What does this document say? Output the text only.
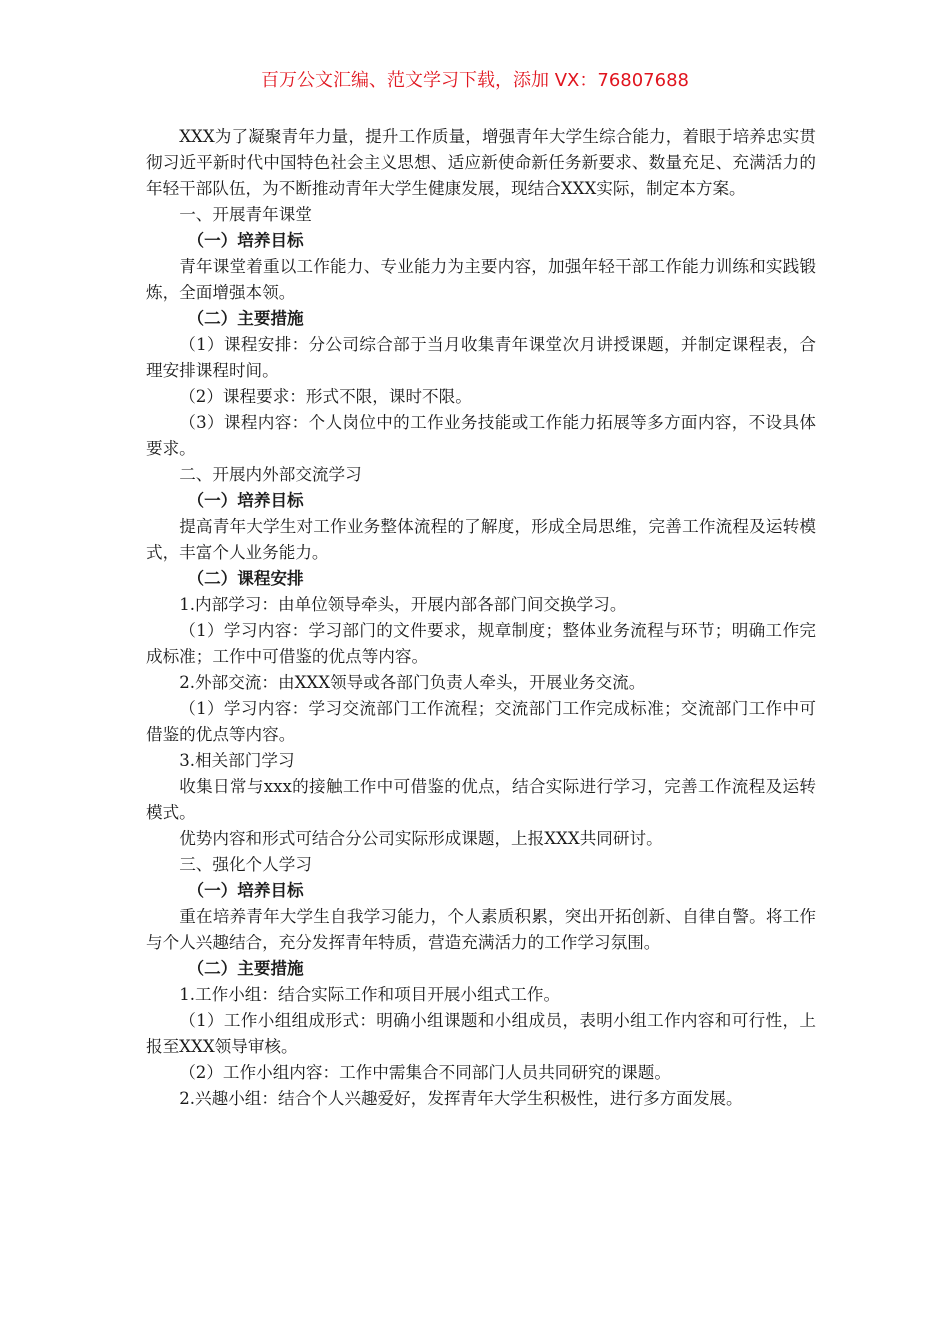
百万公文汇编、范文学习下载，添加 VX：76807688

XXX为了凝聚青年力量，提升工作质量，增强青年大学生综合能力，着眼于培养忠实贯彻习近平新时代中国特色社会主义思想、适应新使命新任务新要求、数量充足、充满活力的年轻干部队伍，为不断推动青年大学生健康发展，现结合XXX实际，制定本方案。

一、开展青年课堂

（一）培养目标

青年课堂着重以工作能力、专业能力为主要内容，加强年轻干部工作能力训练和实践锻炼，全面增强本领。

（二）主要措施

（1）课程安排：分公司综合部于当月收集青年课堂次月讲授课题，并制定课程表，合理安排课程时间。

（2）课程要求：形式不限，课时不限。

（3）课程内容：个人岗位中的工作业务技能或工作能力拓展等多方面内容，不设具体要求。

二、开展内外部交流学习

（一）培养目标

提高青年大学生对工作业务整体流程的了解度，形成全局思维，完善工作流程及运转模式，丰富个人业务能力。

（二）课程安排

1.内部学习：由单位领导牵头，开展内部各部门间交换学习。

（1）学习内容：学习部门的文件要求，规章制度；整体业务流程与环节；明确工作完成标准；工作中可借鉴的优点等内容。

2.外部交流：由XXX领导或各部门负责人牵头，开展业务交流。

（1）学习内容：学习交流部门工作流程；交流部门工作完成标准；交流部门工作中可借鉴的优点等内容。

3.相关部门学习

收集日常与xxx的接触工作中可借鉴的优点，结合实际进行学习，完善工作流程及运转模式。

优势内容和形式可结合分公司实际形成课题，上报XXX共同研讨。

三、强化个人学习

（一）培养目标

重在培养青年大学生自我学习能力，个人素质积累，突出开拓创新、自律自警。将工作与个人兴趣结合，充分发挥青年特质，营造充满活力的工作学习氛围。

（二）主要措施

1.工作小组：结合实际工作和项目开展小组式工作。

（1）工作小组组成形式：明确小组课题和小组成员，表明小组工作内容和可行性，上报至XXX领导审核。

（2）工作小组内容：工作中需集合不同部门人员共同研究的课题。

2.兴趣小组：结合个人兴趣爱好，发挥青年大学生积极性，进行多方面发展。
